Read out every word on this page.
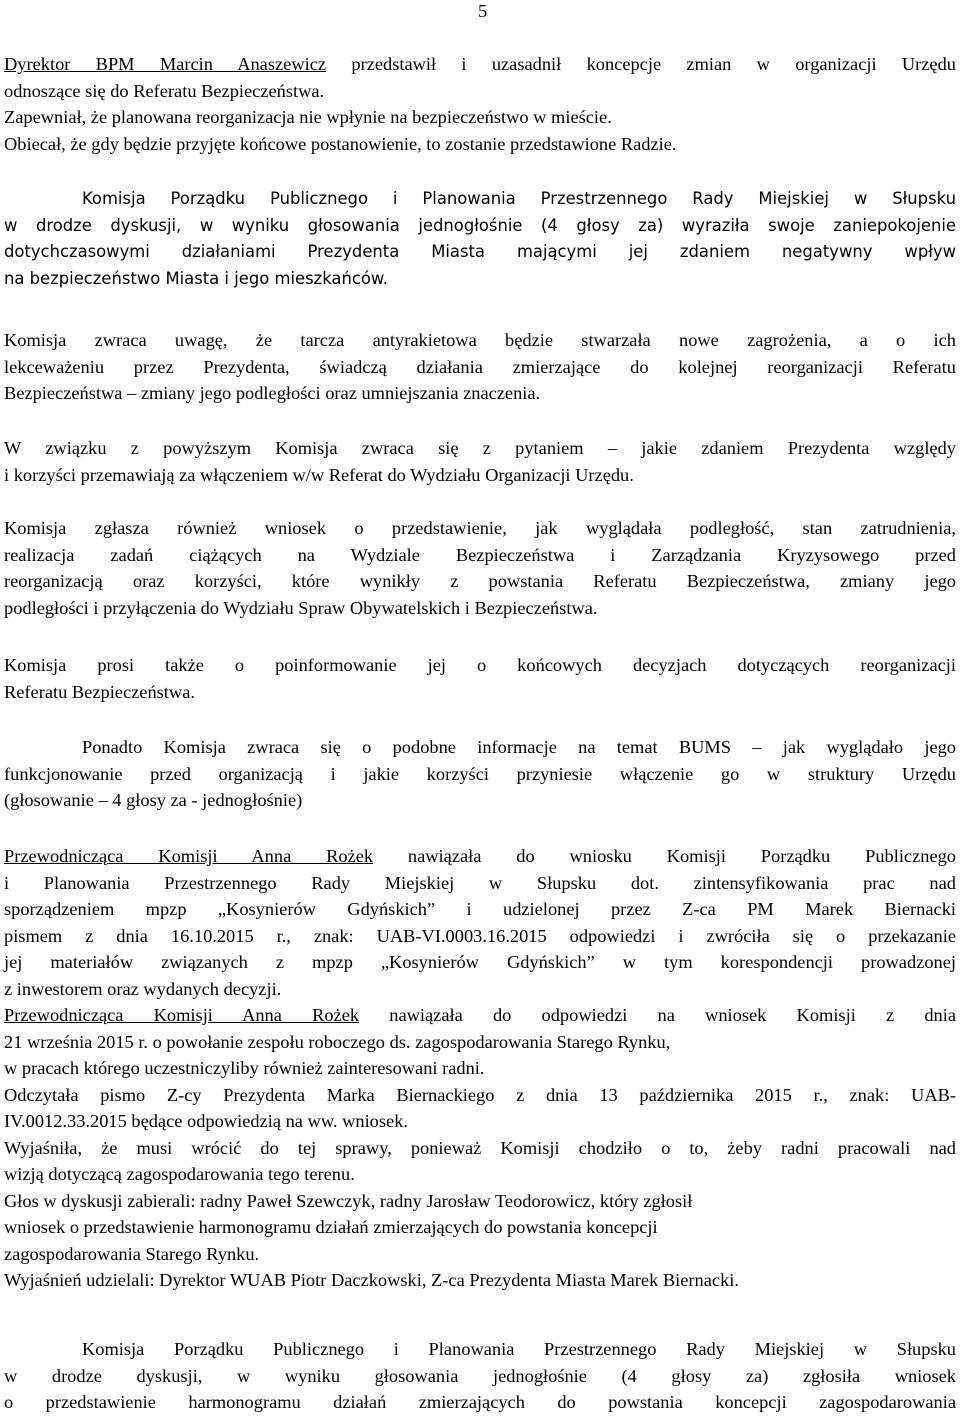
5
Dyrektor BPM Marcin Anaszewicz przedstawił i uzasadnił koncepcje zmian w organizacji Urzędu
odnoszące się do Referatu Bezpieczeństwa.
Zapewniał, że planowana reorganizacja nie wpłynie na bezpieczeństwo w mieście.
Obiecał, że gdy będzie przyjęte końcowe postanowienie, to zostanie przedstawione Radzie.
Komisja Porządku Publicznego i Planowania Przestrzennego Rady Miejskiej w Słupsku
w drodze dyskusji, w wyniku głosowania jednogłośnie (4 głosy za) wyraziła swoje zaniepokojenie
dotychczasowymi działaniami Prezydenta Miasta mającymi jej zdaniem negatywny wpływ
na bezpieczeństwo Miasta i jego mieszkańców.
Komisja zwraca uwagę, że tarcza antyrakietowa będzie stwarzała nowe zagrożenia, a o ich
lekceważeniu przez Prezydenta, świadczą działania zmierzające do kolejnej reorganizacji Referatu
Bezpieczeństwa – zmiany jego podległości oraz umniejszania znaczenia.
W związku z powyższym Komisja zwraca się z pytaniem – jakie zdaniem Prezydenta względy
i korzyści przemawiają za włączeniem w/w Referat do Wydziału Organizacji Urzędu.
Komisja zgłasza również wniosek o przedstawienie, jak wyglądała podległość, stan zatrudnienia,
realizacja zadań ciążących na Wydziale Bezpieczeństwa i Zarządzania Kryzysowego przed
reorganizacją oraz korzyści, które wynikły z powstania Referatu Bezpieczeństwa, zmiany jego
podległości i przyłączenia do Wydziału Spraw Obywatelskich i Bezpieczeństwa.
Komisja prosi także o poinformowanie jej o końcowych decyzjach dotyczących reorganizacji
Referatu Bezpieczeństwa.
Ponadto Komisja zwraca się o podobne informacje na temat BUMS – jak wyglądało jego
funkcjonowanie przed organizacją i jakie korzyści przyniesie włączenie go w struktury Urzędu
(głosowanie – 4 głosy za - jednogłośnie)
Przewodnicząca Komisji Anna Rożek nawiązała do wniosku Komisji Porządku Publicznego
i Planowania Przestrzennego Rady Miejskiej w Słupsku dot. zintensyfikowania prac nad
sporządzeniem mpzp „Kosynierów Gdyńskich” i udzielonej przez Z-ca PM Marek Biernacki
pismem z dnia 16.10.2015 r., znak: UAB-VI.0003.16.2015 odpowiedzi i zwróciła się o przekazanie
jej materiałów związanych z mpzp „Kosynierów Gdyńskich” w tym korespondencji prowadzonej
z inwestorem oraz wydanych decyzji.
Przewodnicząca Komisji Anna Rożek nawiązała do odpowiedzi na wniosek Komisji z dnia
21 września 2015 r. o powołanie zespołu roboczego ds. zagospodarowania Starego Rynku,
w pracach którego uczestniczyliby również zainteresowani radni.
Odczytała pismo Z-cy Prezydenta Marka Biernackiego z dnia 13 października 2015 r., znak: UAB-
IV.0012.33.2015 będące odpowiedzią na ww. wniosek.
Wyjaśniła, że musi wrócić do tej sprawy, ponieważ Komisji chodziło o to, żeby radni pracowali nad
wizją dotyczącą zagospodarowania tego terenu.
Głos w dyskusji zabierali: radny Paweł Szewczyk, radny Jarosław Teodorowicz, który zgłosił
wniosek o przedstawienie harmonogramu działań zmierzających do powstania koncepcji
zagospodarowania Starego Rynku.
Wyjaśnień udzielali: Dyrektor WUAB Piotr Daczkowski, Z-ca Prezydenta Miasta Marek Biernacki.
Komisja Porządku Publicznego i Planowania Przestrzennego Rady Miejskiej w Słupsku
w drodze dyskusji, w wyniku głosowania jednogłośnie (4 głosy za) zgłosiła wniosek
o przedstawienie harmonogramu działań zmierzających do powstania koncepcji zagospodarowania
